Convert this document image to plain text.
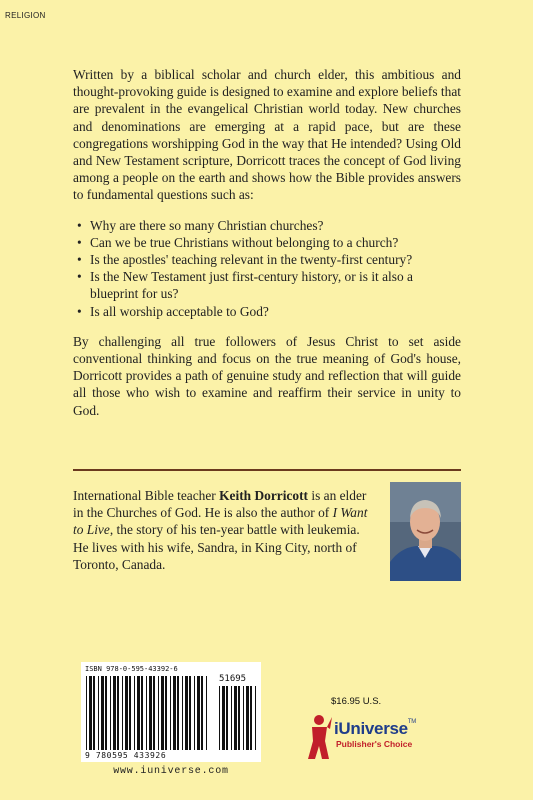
RELIGION

Written by a biblical scholar and church elder, this ambitious and thought-provoking guide is designed to examine and explore beliefs that are prevalent in the evangelical Christian world today. New churches and denominations are emerging at a rapid pace, but are these congregations worshipping God in the way that He intended? Using Old and New Testament scripture, Dorricott traces the concept of God living among a people on the earth and shows how the Bible provides answers to fundamental questions such as:

• Why are there so many Christian churches?
• Can we be true Christians without belonging to a church?
• Is the apostles' teaching relevant in the twenty-first century?
• Is the New Testament just first-century history, or is it also a blueprint for us?
• Is all worship acceptable to God?

By challenging all true followers of Jesus Christ to set aside conventional thinking and focus on the true meaning of God's house, Dorricott provides a path of genuine study and reflection that will guide all those who wish to examine and reaffirm their service in unity to God.

International Bible teacher Keith Dorricott is an elder in the Churches of God. He is also the author of I Want to Live, the story of his ten-year battle with leukemia. He lives with his wife, Sandra, in King City, north of Toronto, Canada.
ISBN 978-0-595-43392-6
51695
9 780595 433926
www.iuniverse.com
$16.95 U.S.
iUniverse™
Publisher's Choice
